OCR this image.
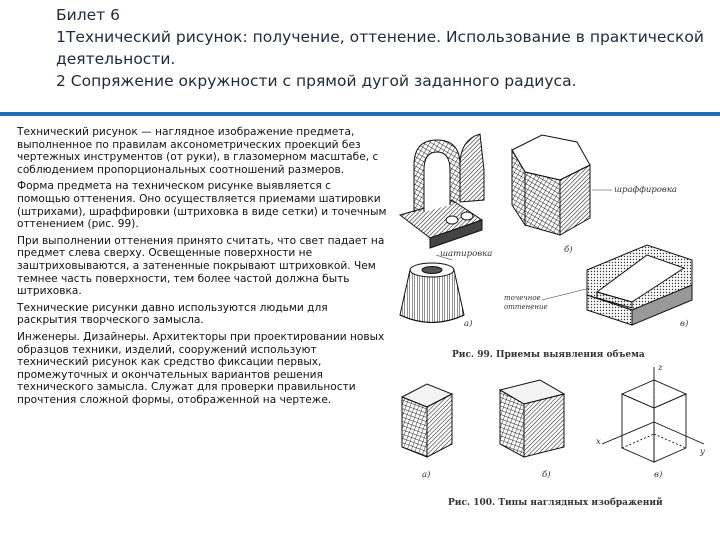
Билет 6
1Технический рисунок: получение, оттенение. Использование в практической
деятельности.
2 Сопряжение окружности с прямой дугой заданного радиуса.

Технический рисунок — наглядное изображение предмета, выполненное по правилам аксонометрических проекций без чертежных инструментов (от руки), в глазомерном масштабе, с соблюдением пропорциональных соотношений размеров.

Форма предмета на техническом рисунке выявляется с помощью оттенения. Оно осуществляется приемами шатировки (штрихами), шраффировки (штриховка в виде сетки) и точечным оттенением (рис. 99).

При выполнении оттенения принято считать, что свет падает на предмет слева сверху. Освещенные поверхности не заштриховываются, а затененные покрывают штриховкой. Чем темнее часть поверхности, тем более частой должна быть штриховка.

Технические рисунки давно используются людьми для раскрытия творческого замысла.

Инженеры. Дизайнеры. Архитекторы при проектировании новых образцов техники, изделий, сооружений используют технический рисунок как средство фиксации первых, промежуточных и окончательных вариантов решения технического замысла. Служат для проверки правильности прочтения сложной формы, отображенной на чертеже.

шраффировка
б)
шатировка
а)
точечное
оттенение
в)
Рис. 99. Приемы выявления объема
а)	б)
z
x
y
в)
Рис. 100. Типы наглядных изображений
